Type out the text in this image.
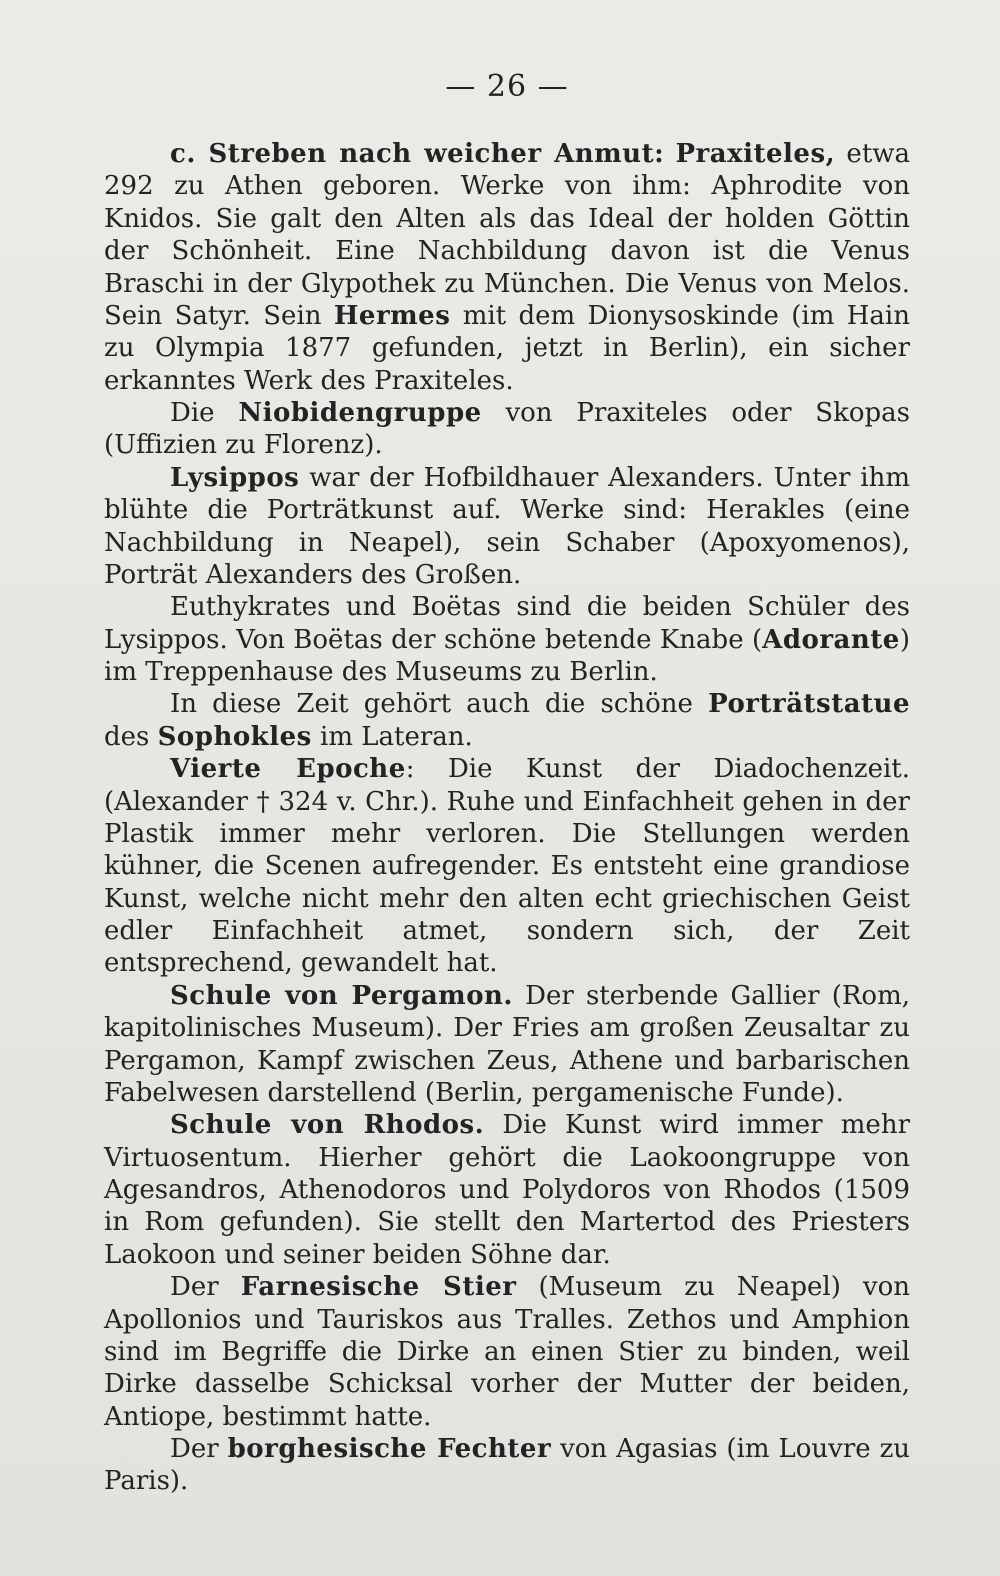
— 26 —

c. Streben nach weicher Anmut: Praxiteles, etwa 292 zu Athen geboren. Werke von ihm: Aphrodite von Knidos. Sie galt den Alten als das Ideal der holden Göttin der Schönheit. Eine Nachbildung davon ist die Venus Braschi in der Glypothek zu München. Die Venus von Melos. Sein Satyr. Sein Hermes mit dem Dionysoskinde (im Hain zu Olympia 1877 gefunden, jetzt in Berlin), ein sicher erkanntes Werk des Praxiteles.

Die Niobidengruppe von Praxiteles oder Skopas (Uffizien zu Florenz).

Lysippos war der Hofbildhauer Alexanders. Unter ihm blühte die Porträtkunst auf. Werke sind: Herakles (eine Nachbildung in Neapel), sein Schaber (Apoxyomenos), Porträt Alexanders des Großen.

Euthykrates und Boëtas sind die beiden Schüler des Lysippos. Von Boëtas der schöne betende Knabe (Adorante) im Treppenhause des Museums zu Berlin.

In diese Zeit gehört auch die schöne Porträtstatue des Sophokles im Lateran.

Vierte Epoche: Die Kunst der Diadochenzeit. (Alexander † 324 v. Chr.). Ruhe und Einfachheit gehen in der Plastik immer mehr verloren. Die Stellungen werden kühner, die Scenen aufregender. Es entsteht eine grandiose Kunst, welche nicht mehr den alten echt griechischen Geist edler Einfachheit atmet, sondern sich, der Zeit entsprechend, gewandelt hat.

Schule von Pergamon. Der sterbende Gallier (Rom, kapitolinisches Museum). Der Fries am großen Zeusaltar zu Pergamon, Kampf zwischen Zeus, Athene und barbarischen Fabelwesen darstellend (Berlin, pergamenische Funde).

Schule von Rhodos. Die Kunst wird immer mehr Virtuosentum. Hierher gehört die Laokoongruppe von Agesandros, Athenodoros und Polydoros von Rhodos (1509 in Rom gefunden). Sie stellt den Martertod des Priesters Laokoon und seiner beiden Söhne dar.

Der Farnesische Stier (Museum zu Neapel) von Apollonios und Tauriskos aus Tralles. Zethos und Amphion sind im Begriffe die Dirke an einen Stier zu binden, weil Dirke dasselbe Schicksal vorher der Mutter der beiden, Antiope, bestimmt hatte.

Der borghesische Fechter von Agasias (im Louvre zu Paris).
